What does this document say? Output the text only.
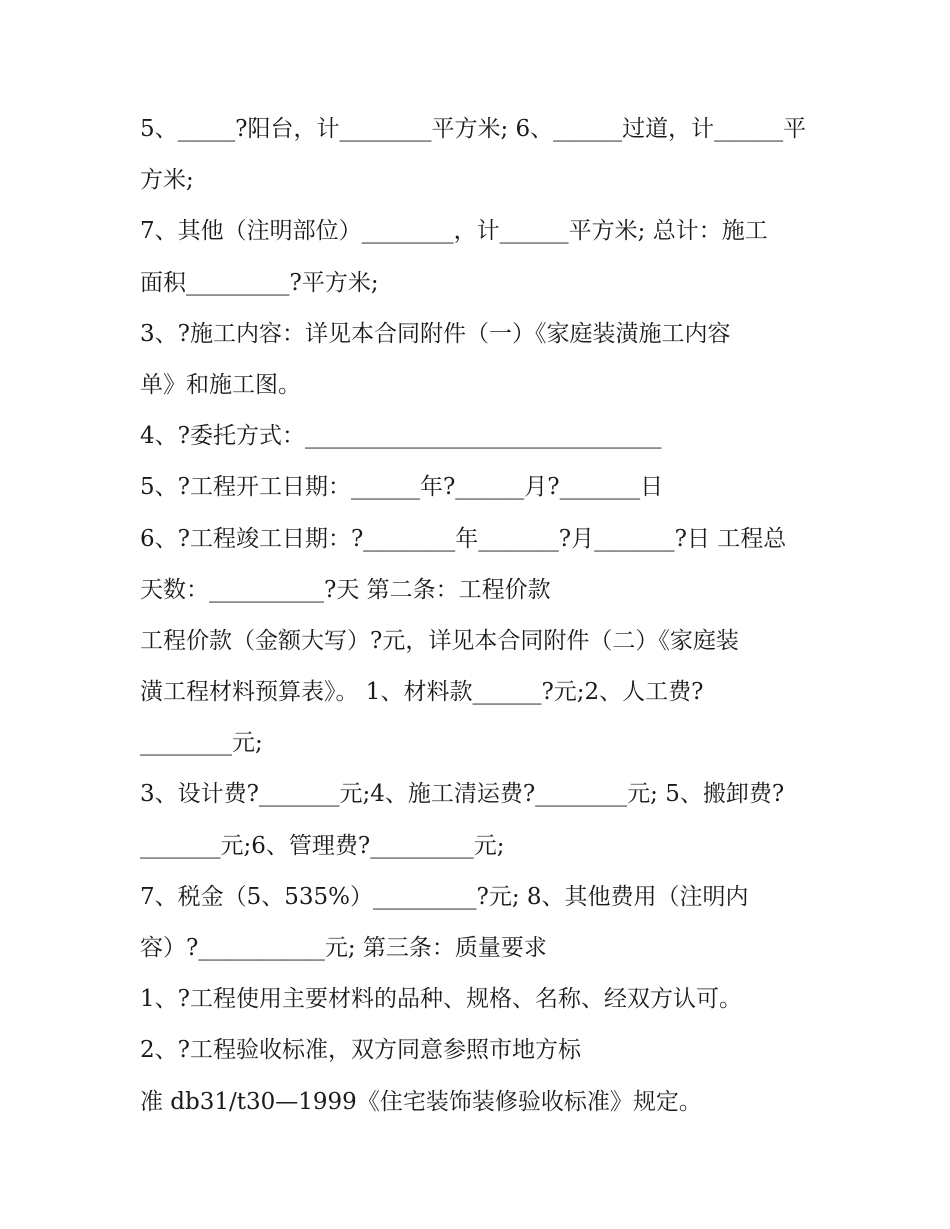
5、_____?阳台，计________平方米; 6、______过道，计______平
方米;
7、其他（注明部位）________，计______平方米; 总计：施工
面积_________?平方米;
3、?施工内容：详见本合同附件（一）《家庭装潢施工内容
单》和施工图。
4、?委托方式：_______________________________
5、?工程开工日期：______年?______月?_______日
6、?工程竣工日期：?________年_______?月_______?日 工程总
天数：__________?天 第二条：工程价款
工程价款（金额大写）?元，详见本合同附件（二）《家庭装
潢工程材料预算表》。 1、材料款______?元;2、人工费?
________元;
3、设计费?_______元;4、施工清运费?________元; 5、搬卸费?
_______元;6、管理费?_________元;
7、税金（5、535%）_________?元; 8、其他费用（注明内
容）?___________元; 第三条：质量要求
1、?工程使用主要材料的品种、规格、名称、经双方认可。
2、?工程验收标准，双方同意参照市地方标
准 db31/t30—1999《住宅装饰装修验收标准》规定。
